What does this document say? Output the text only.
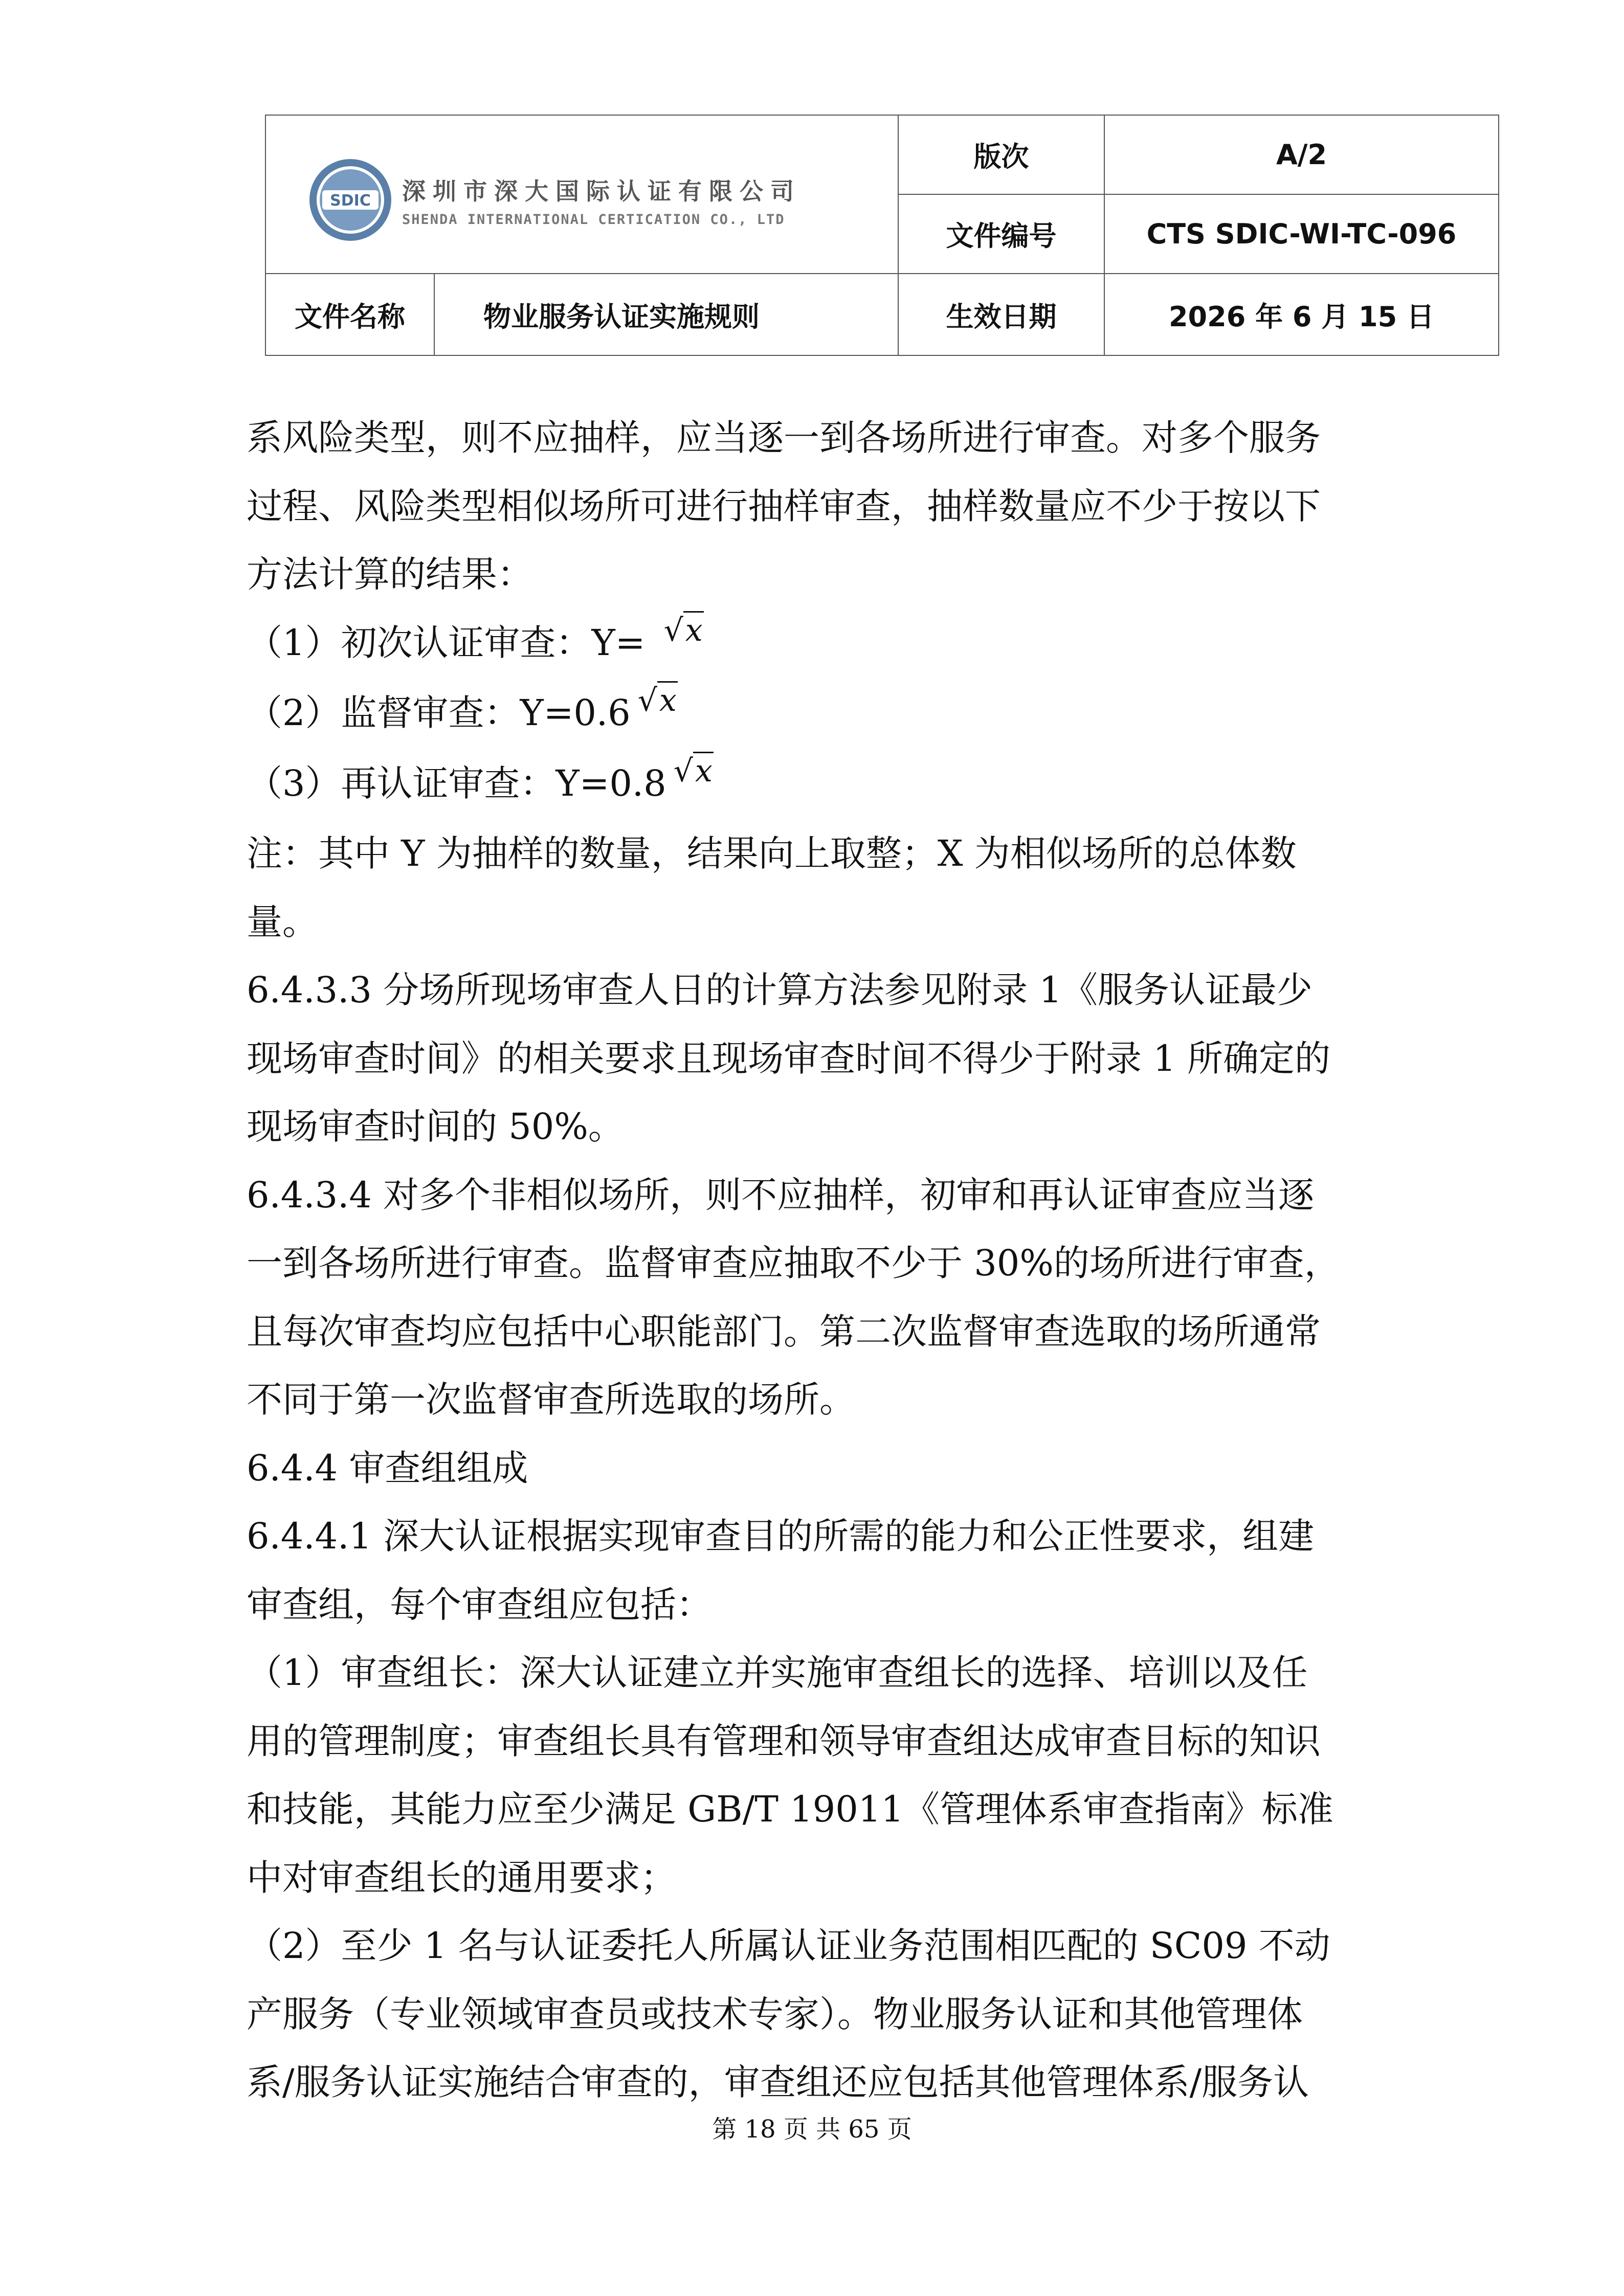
SDIC 深圳市深大国际认证有限公司
SHENDA INTERNATIONAL CERTICATION CO., LTD		版次	A/2
		文件编号	CTS SDIC-WI-TC-096
文件名称	物业服务认证实施规则	生效日期	2026 年 6 月 15 日

系风险类型，则不应抽样，应当逐一到各场所进行审查。对多个服务

过程、风险类型相似场所可进行抽样审查，抽样数量应不少于按以下

方法计算的结果：

（1）初次认证审查：Y= √x

（2）监督审查：Y=0.6 √x

（3）再认证审查：Y=0.8 √x

注：其中 Y 为抽样的数量，结果向上取整；X 为相似场所的总体数

量。

6.4.3.3 分场所现场审查人日的计算方法参见附录 1《服务认证最少

现场审查时间》的相关要求且现场审查时间不得少于附录 1 所确定的

现场审查时间的 50%。

6.4.3.4 对多个非相似场所，则不应抽样，初审和再认证审查应当逐

一到各场所进行审查。监督审查应抽取不少于 30%的场所进行审查，

且每次审查均应包括中心职能部门。第二次监督审查选取的场所通常

不同于第一次监督审查所选取的场所。

6.4.4 审查组组成

6.4.4.1 深大认证根据实现审查目的所需的能力和公正性要求，组建

审查组，每个审查组应包括：

（1）审查组长：深大认证建立并实施审查组长的选择、培训以及任

用的管理制度；审查组长具有管理和领导审查组达成审查目标的知识

和技能，其能力应至少满足 GB/T 19011《管理体系审查指南》标准

中对审查组长的通用要求；

（2）至少 1 名与认证委托人所属认证业务范围相匹配的 SC09 不动

产服务（专业领域审查员或技术专家）。物业服务认证和其他管理体

系/服务认证实施结合审查的，审查组还应包括其他管理体系/服务认

第 18 页 共 65 页
